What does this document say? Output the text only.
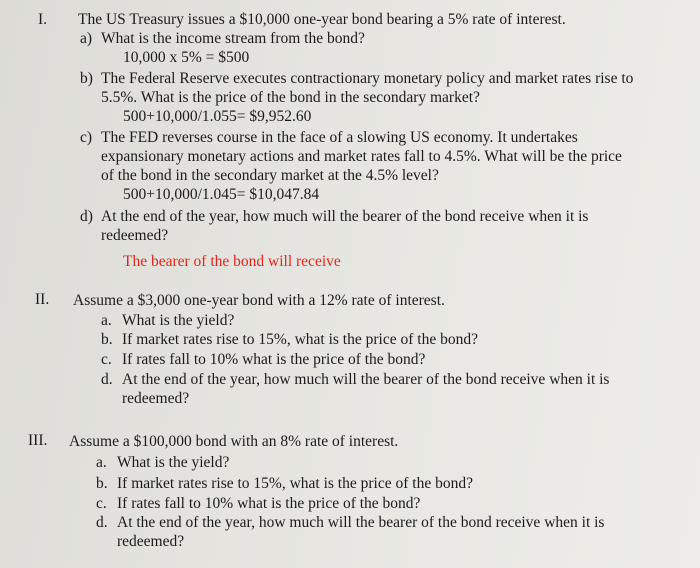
I. The US Treasury issues a $10,000 one-year bond bearing a 5% rate of interest.
a) What is the income stream from the bond?
10,000 x 5% = $500
b) The Federal Reserve executes contractionary monetary policy and market rates rise to
5.5%. What is the price of the bond in the secondary market?
500+10,000/1.055= $9,952.60
c) The FED reverses course in the face of a slowing US economy. It undertakes
expansionary monetary actions and market rates fall to 4.5%. What will be the price
of the bond in the secondary market at the 4.5% level?
500+10,000/1.045= $10,047.84
d) At the end of the year, how much will the bearer of the bond receive when it is
redeemed?
The bearer of the bond will receive
II. Assume a $3,000 one-year bond with a 12% rate of interest.
a. What is the yield?
b. If market rates rise to 15%, what is the price of the bond?
c. If rates fall to 10% what is the price of the bond?
d. At the end of the year, how much will the bearer of the bond receive when it is
redeemed?
III. Assume a $100,000 bond with an 8% rate of interest.
a. What is the yield?
b. If market rates rise to 15%, what is the price of the bond?
c. If rates fall to 10% what is the price of the bond?
d. At the end of the year, how much will the bearer of the bond receive when it is
redeemed?
